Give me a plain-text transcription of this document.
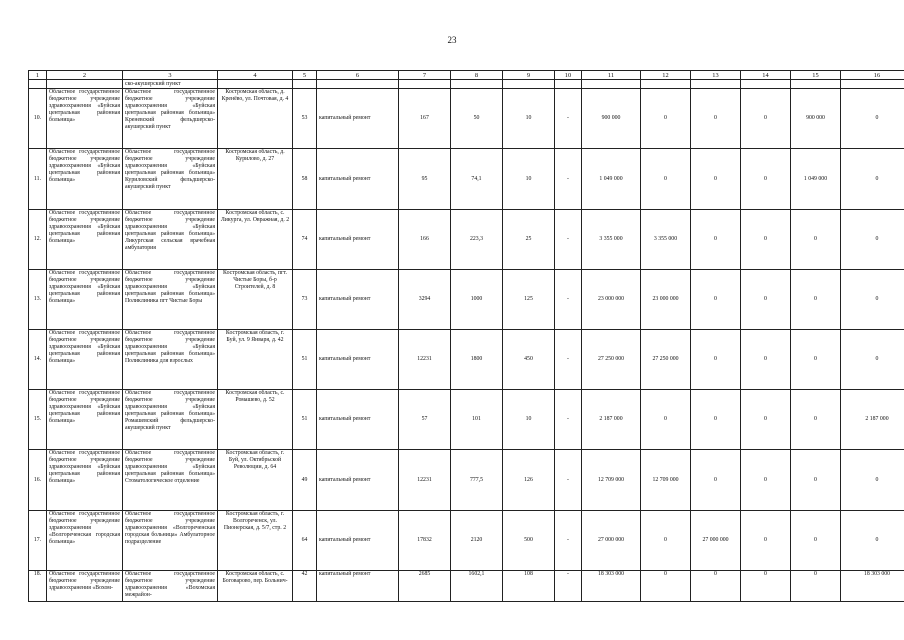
23
1	2	3	4	5	6	7	8	9	10	11	12	13	14	15	16
		ско-акушерский пункт													
10.	Областное государственное бюджетное учреждение здравоохранения «Буйская центральная районная больница»	Областное государственное бюджетное учреждение здравоохранения «Буйская центральная районная больница» Креневский фельдшерско-акушерский пункт	Костромская область, д. Кренёво, ул. Почтовая, д. 4	53	капитальный ремонт	167	50	10	-	900 000	0	0	0	900 000	0
11.	Областное государственное бюджетное учреждение здравоохранения «Буйская центральная районная больница»	Областное государственное бюджетное учреждение здравоохранения «Буйская центральная районная больница» Куриловский фельдшерско-акушерский пункт	Костромская область, д. Курилово, д. 27	58	капитальный ремонт	95	74,1	10	-	1 049 000	0	0	0	1 049 000	0
12.	Областное государственное бюджетное учреждение здравоохранения «Буйская центральная районная больница»	Областное государственное бюджетное учреждение здравоохранения «Буйская центральная районная больница» Ликургская сельская врачебная амбулатория	Костромская область, с. Ликурга, ул. Овражная, д. 2	74	капитальный ремонт	166	223,3	25	-	3 355 000	3 355 000	0	0	0	0
13.	Областное государственное бюджетное учреждение здравоохранения «Буйская центральная районная больница»	Областное государственное бюджетное учреждение здравоохранения «Буйская центральная районная больница» Поликлиника пгт Чистые Боры	Костромская область, пгт. Чистые Боры, б-р Строителей, д. 8	73	капитальный ремонт	3294	1000	125	-	23 000 000	23 000 000	0	0	0	0
14.	Областное государственное бюджетное учреждение здравоохранения «Буйская центральная районная больница»	Областное государственное бюджетное учреждение здравоохранения «Буйская центральная районная больница» Поликлиника для взрослых	Костромская область, г. Буй, ул. 9 Января, д. 42	51	капитальный ремонт	12231	1800	450	-	27 250 000	27 250 000	0	0	0	0
15.	Областное государственное бюджетное учреждение здравоохранения «Буйская центральная районная больница»	Областное государственное бюджетное учреждение здравоохранения «Буйская центральная районная больница» Ромашевский фельдшерско-акушерский пункт	Костромская область, с. Ромашево, д. 52	51	капитальный ремонт	57	101	10	-	2 187 000	0	0	0	0	2 187 000
16.	Областное государственное бюджетное учреждение здравоохранения «Буйская центральная районная больница»	Областное государственное бюджетное учреждение здравоохранения «Буйская центральная районная больница» Стоматологическое отделение	Костромская область, г. Буй, ул. Октябрьской Революции, д. 64	49	капитальный ремонт	12231	777,5	126	-	12 709 000	12 709 000	0	0	0	0
17.	Областное государственное бюджетное учреждение здравоохранения «Волгореченская городская больница»	Областное государственное бюджетное учреждение здравоохранения «Волгореченская городская больница» Амбулаторное подразделение	Костромская область, г. Волгореченск, ул. Пионерская, д. 5/7, стр. 2	64	капитальный ремонт	17832	2120	500	-	27 000 000	0	27 000 000	0	0	0
18.	Областное государственное бюджетное учреждение здравоохранения «Вохом-	Областное государственное бюджетное учреждение здравоохранения «Вохомская межрайон-	Костромская область, с. Боговарово, пер. Больнич-	42	капитальный ремонт	2685	1602,1	108	-	18 303 000	0	0	0	0	18 303 000
